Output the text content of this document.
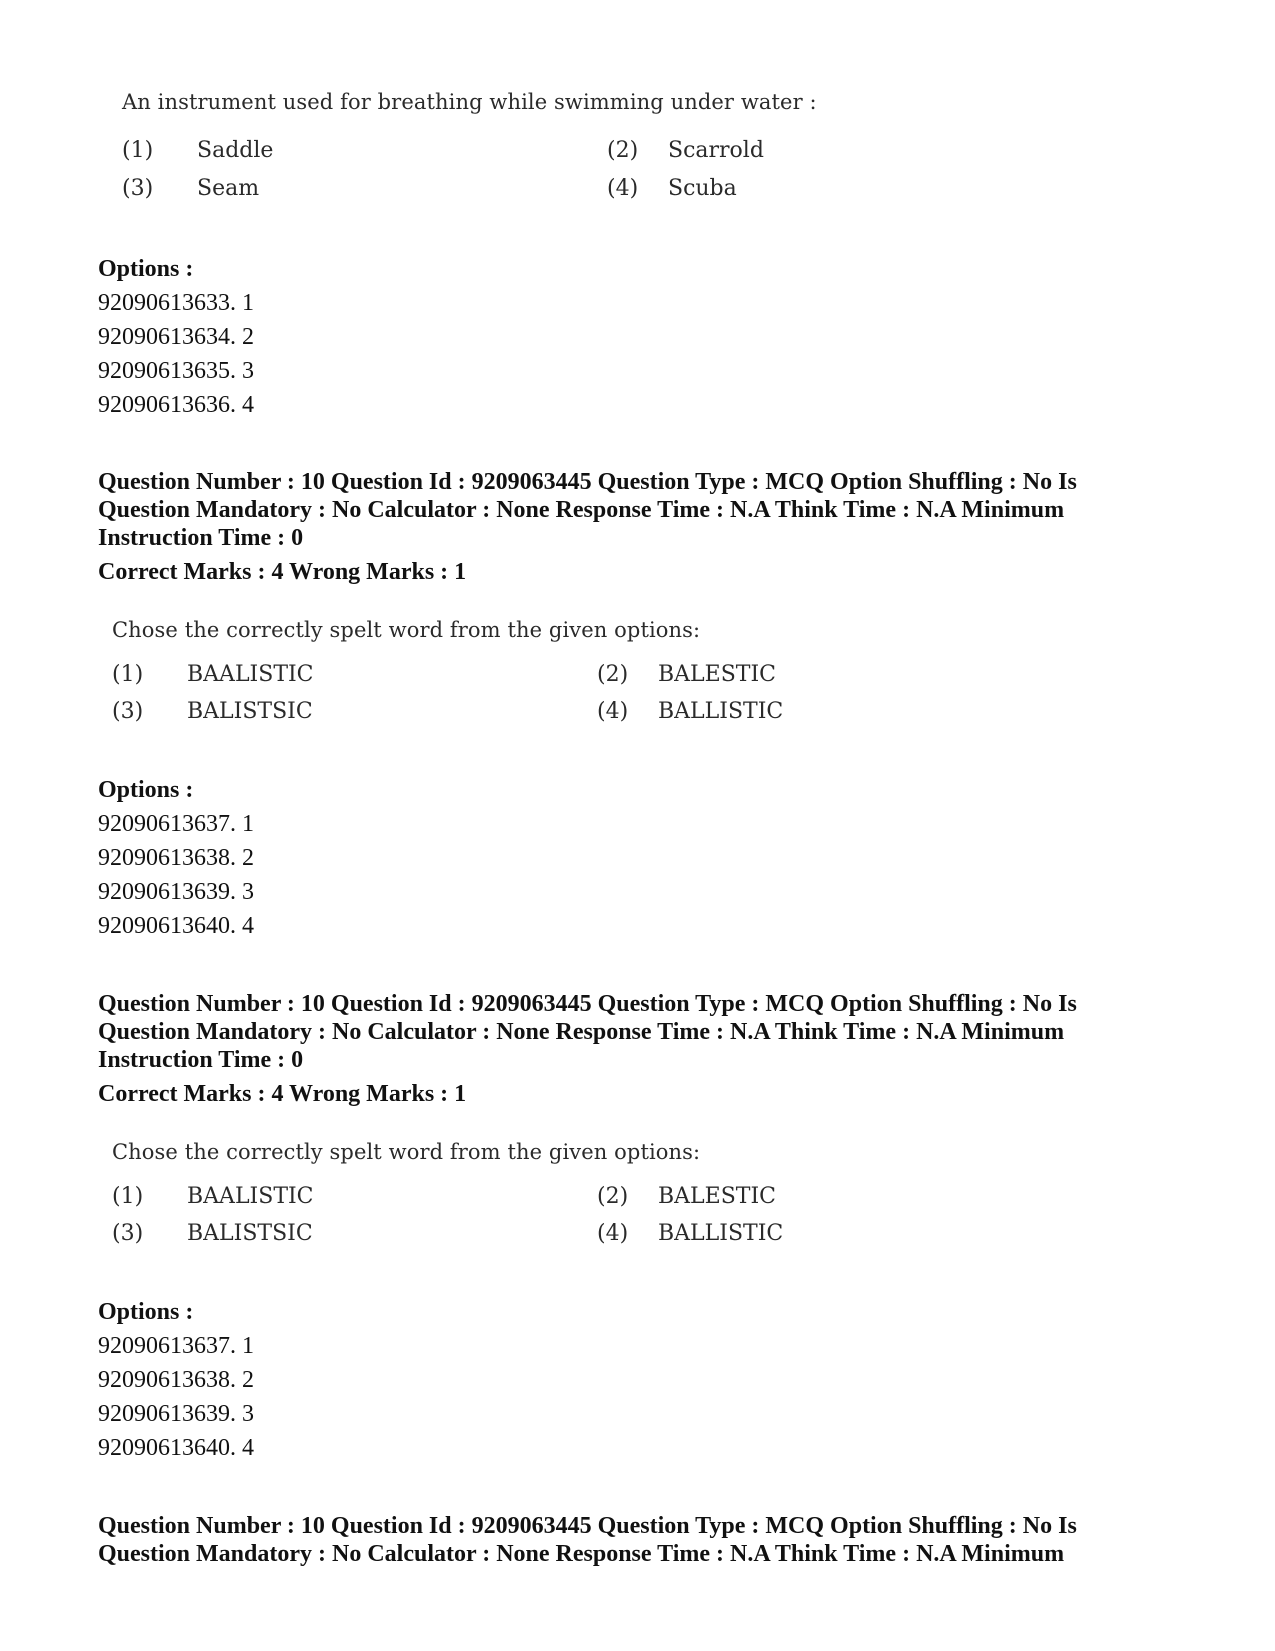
An instrument used for breathing while swimming under water :
(1) Saddle	(2) Scarrold
(3) Seam	(4) Scuba
Options :
92090613633. 1
92090613634. 2
92090613635. 3
92090613636. 4
Question Number : 10 Question Id : 9209063445 Question Type : MCQ Option Shuffling : No Is
Question Mandatory : No Calculator : None Response Time : N.A Think Time : N.A Minimum
Instruction Time : 0
Correct Marks : 4 Wrong Marks : 1
Chose the correctly spelt word from the given options:
(1) BAALISTIC	(2) BALESTIC
(3) BALISTSIC	(4) BALLISTIC
Options :
92090613637. 1
92090613638. 2
92090613639. 3
92090613640. 4
Question Number : 10 Question Id : 9209063445 Question Type : MCQ Option Shuffling : No Is
Question Mandatory : No Calculator : None Response Time : N.A Think Time : N.A Minimum
Instruction Time : 0
Correct Marks : 4 Wrong Marks : 1
Chose the correctly spelt word from the given options:
(1) BAALISTIC	(2) BALESTIC
(3) BALISTSIC	(4) BALLISTIC
Options :
92090613637. 1
92090613638. 2
92090613639. 3
92090613640. 4
Question Number : 10 Question Id : 9209063445 Question Type : MCQ Option Shuffling : No Is
Question Mandatory : No Calculator : None Response Time : N.A Think Time : N.A Minimum
